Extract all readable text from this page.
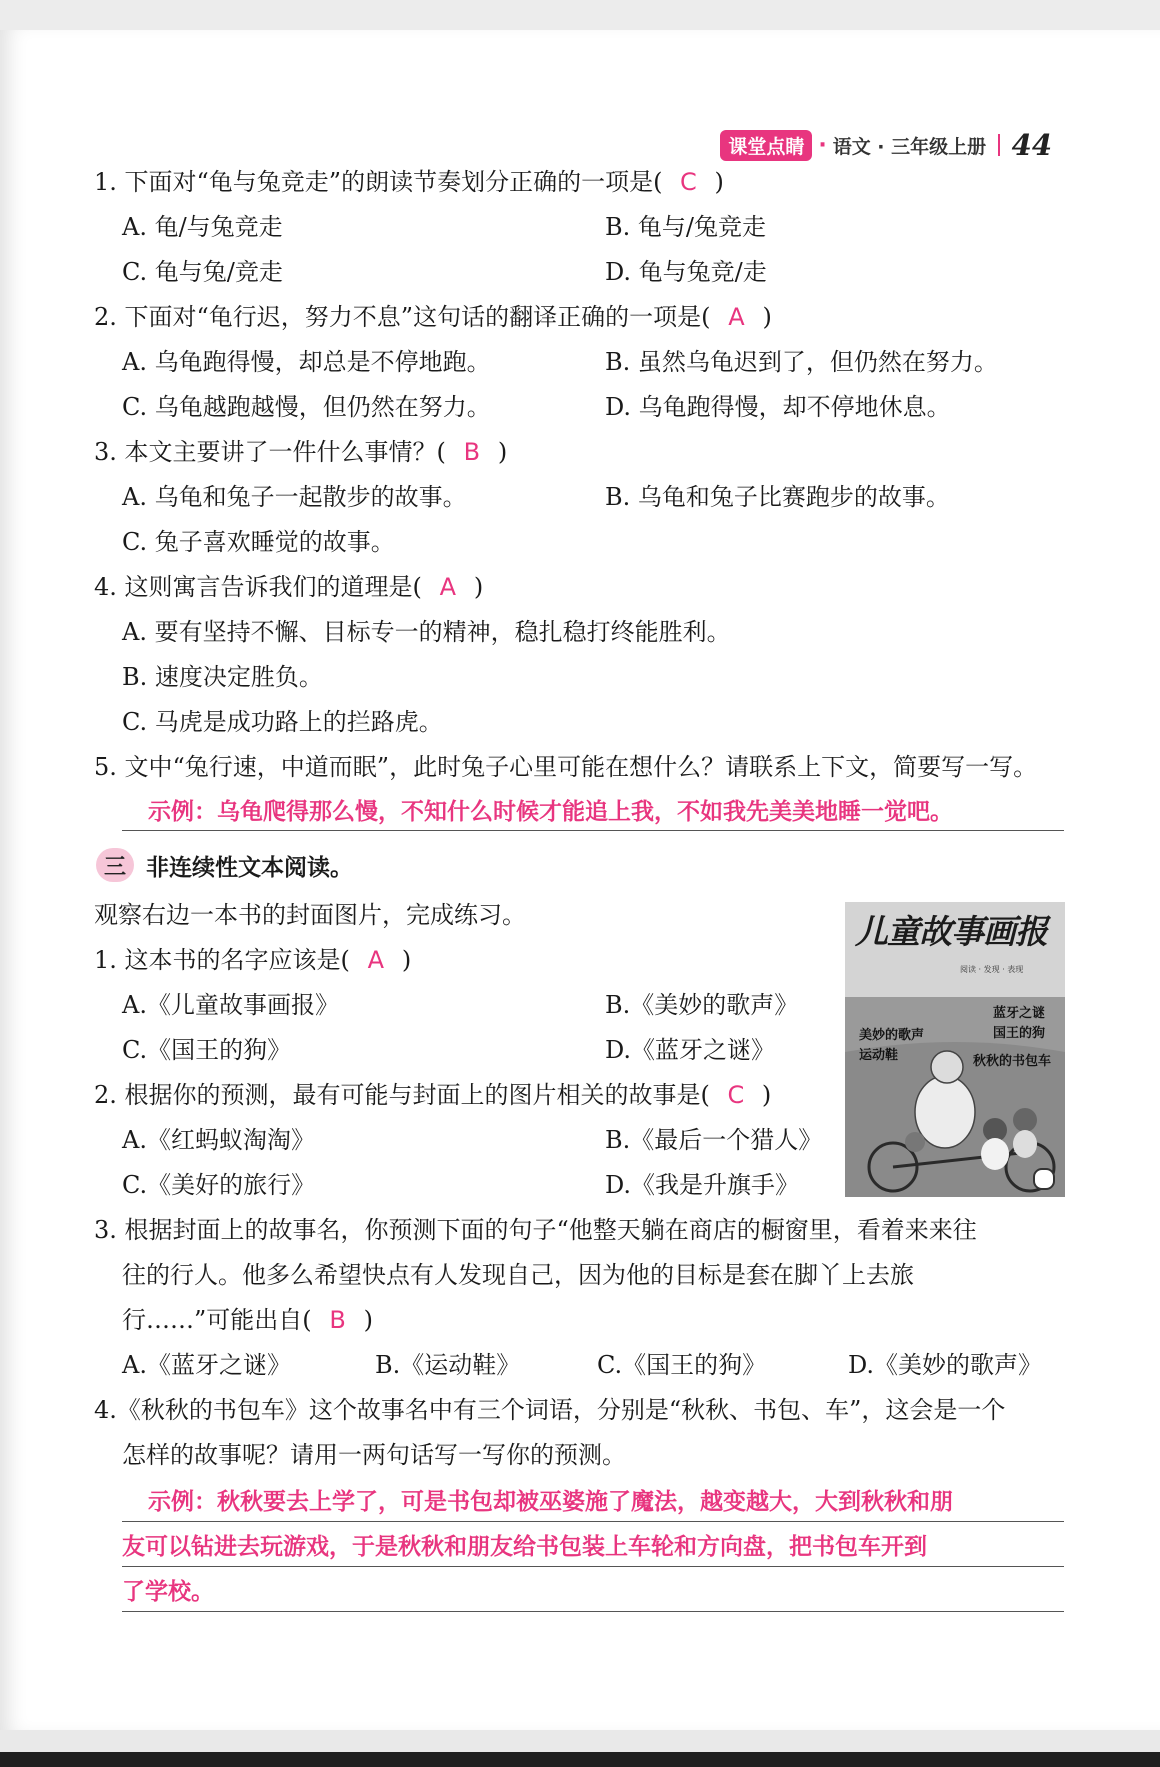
课堂点睛 · 语文 · 三年级上册 44
1. 下面对“龟与兔竞走”的朗读节奏划分正确的一项是( C )
A. 龟/与兔竞走	B. 龟与/兔竞走
C. 龟与兔/竞走	D. 龟与兔竞/走
2. 下面对“龟行迟，努力不息”这句话的翻译正确的一项是( A )
A. 乌龟跑得慢，却总是不停地跑。	B. 虽然乌龟迟到了，但仍然在努力。
C. 乌龟越跑越慢，但仍然在努力。	D. 乌龟跑得慢，却不停地休息。
3. 本文主要讲了一件什么事情？( B )
A. 乌龟和兔子一起散步的故事。	B. 乌龟和兔子比赛跑步的故事。
C. 兔子喜欢睡觉的故事。
4. 这则寓言告诉我们的道理是( A )
A. 要有坚持不懈、目标专一的精神，稳扎稳打终能胜利。
B. 速度决定胜负。
C. 马虎是成功路上的拦路虎。
5. 文中“兔行速，中道而眠”，此时兔子心里可能在想什么？请联系上下文，简要写一写。
示例：乌龟爬得那么慢，不知什么时候才能追上我，不如我先美美地睡一觉吧。
三 非连续性文本阅读。
观察右边一本书的封面图片，完成练习。	儿童故事画报
阅读 · 发现 · 表现
蓝牙之谜
国王的狗
美妙的歌声
运动鞋	秋秋的书包车
1. 这本书的名字应该是( A )
A.《儿童故事画报》	B.《美妙的歌声》
C.《国王的狗》	D.《蓝牙之谜》
2. 根据你的预测，最有可能与封面上的图片相关的故事是( C )
A.《红蚂蚁淘淘》	B.《最后一个猎人》
C.《美好的旅行》	D.《我是升旗手》
3. 根据封面上的故事名，你预测下面的句子“他整天躺在商店的橱窗里，看着来来往
往的行人。他多么希望快点有人发现自己，因为他的目标是套在脚丫上去旅
行……”可能出自( B )
A.《蓝牙之谜》	B.《运动鞋》	C.《国王的狗》	D.《美妙的歌声》
4.《秋秋的书包车》这个故事名中有三个词语，分别是“秋秋、书包、车”，这会是一个
怎样的故事呢？请用一两句话写一写你的预测。
示例：秋秋要去上学了，可是书包却被巫婆施了魔法，越变越大，大到秋秋和朋
友可以钻进去玩游戏，于是秋秋和朋友给书包装上车轮和方向盘，把书包车开到
了学校。
